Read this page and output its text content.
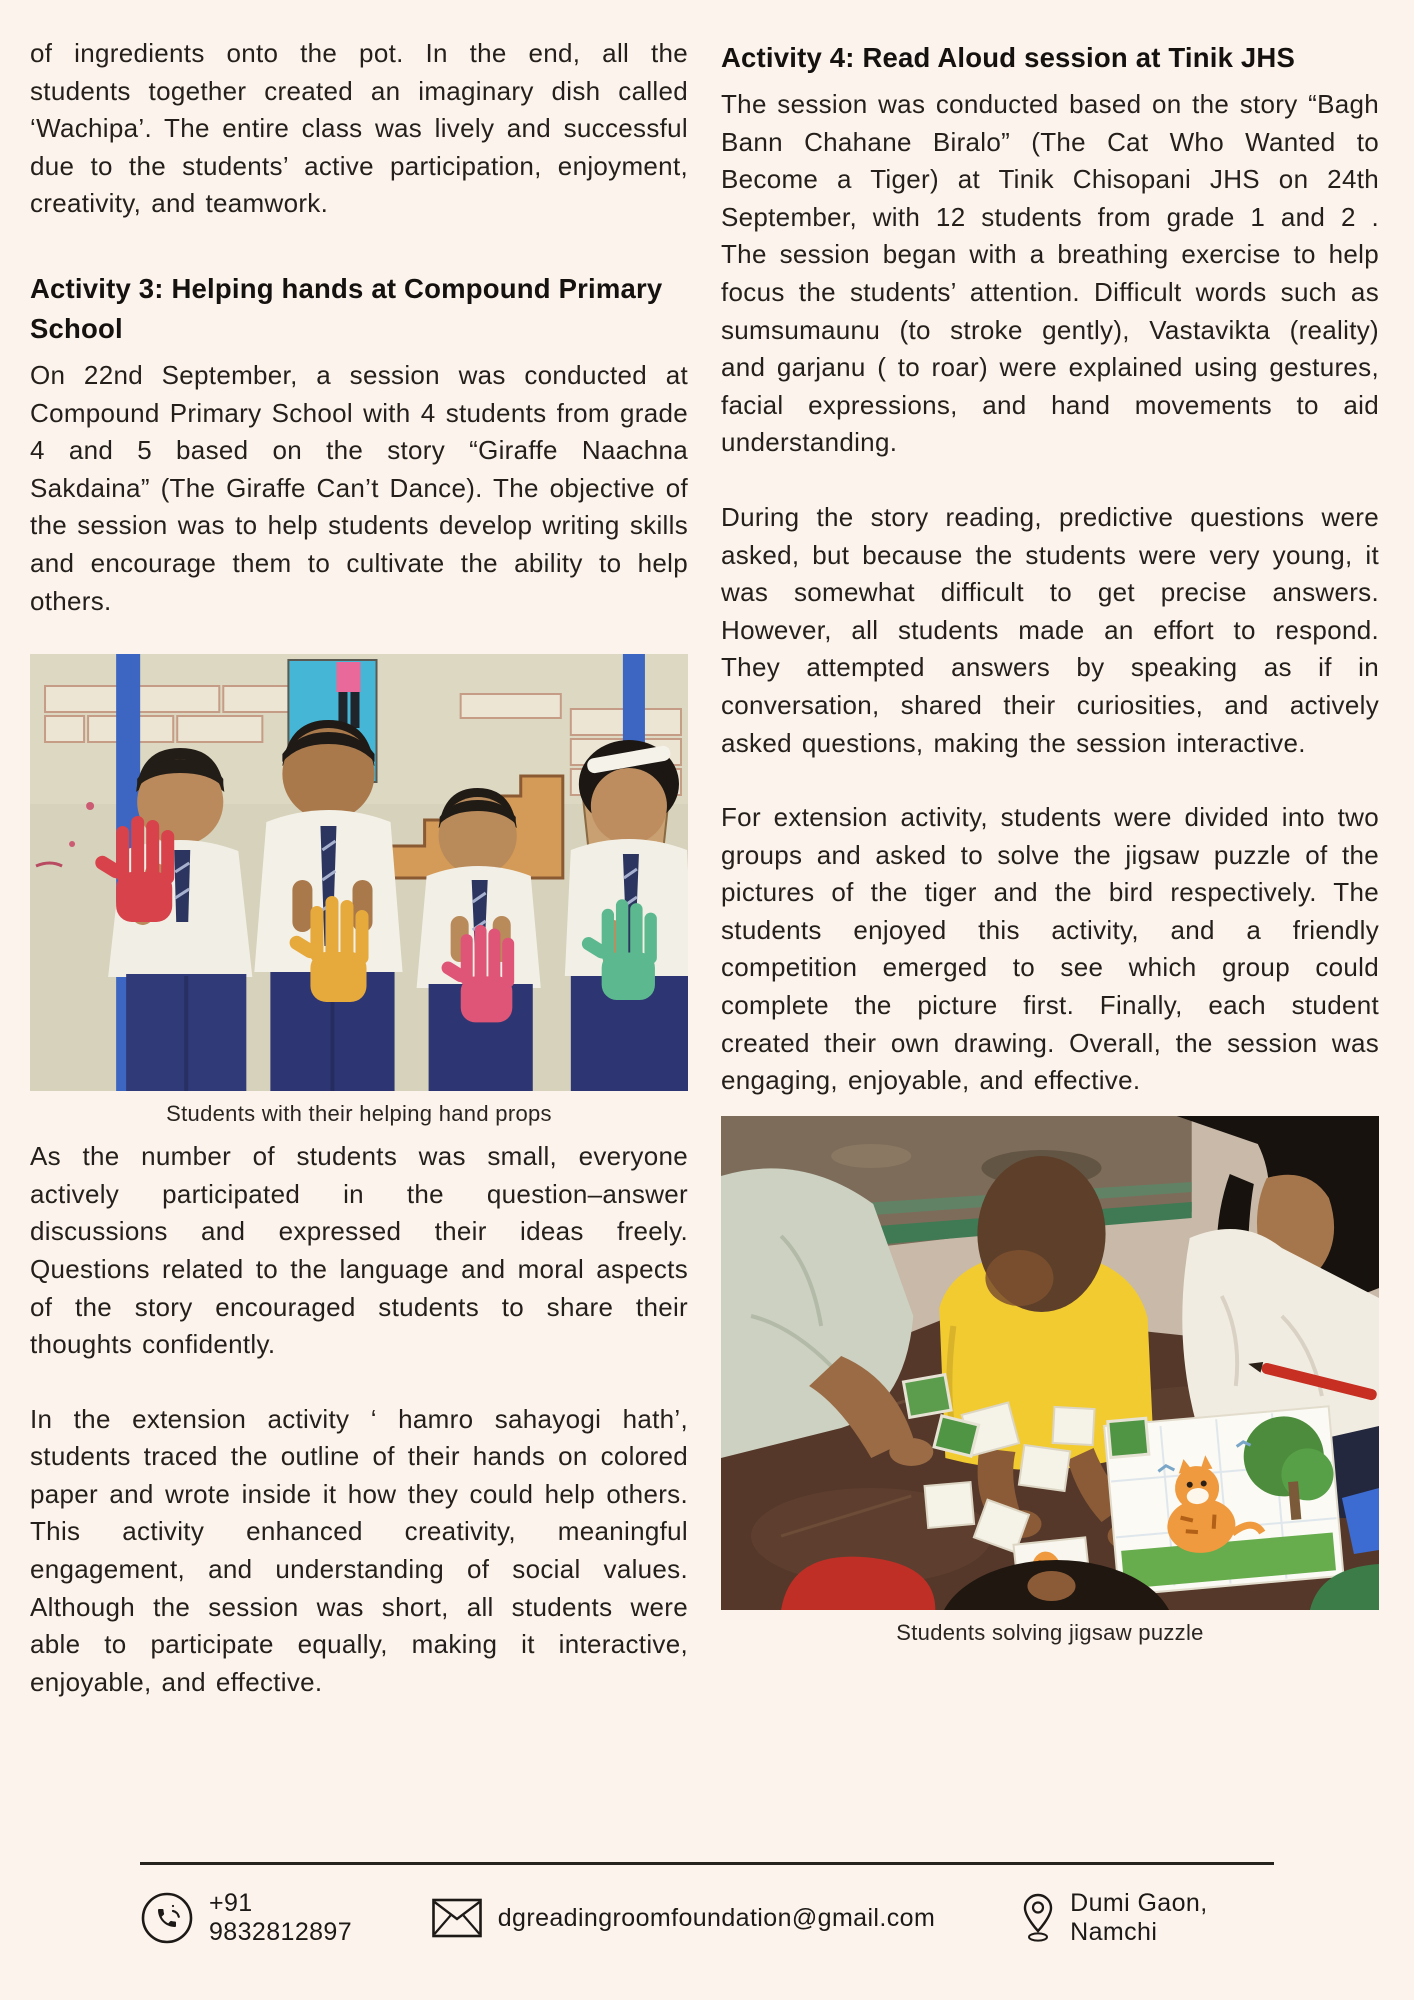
of ingredients onto the pot. In the end, all the students together created an imaginary dish called ‘Wachipa’. The entire class was lively and successful due to the students’ active participation, enjoyment, creativity, and teamwork.

Activity 3: Helping hands at Compound Primary School

On 22nd September, a session was conducted at Compound Primary School with 4 students from grade 4 and 5 based on the story “Giraffe Naachna Sakdaina” (The Giraffe Can’t Dance). The objective of the session was to help students develop writing skills and encourage them to cultivate the ability to help others.

Students with their helping hand props

As the number of students was small, everyone actively participated in the question–answer discussions and expressed their ideas freely. Questions related to the language and moral aspects of the story encouraged students to share their thoughts confidently.

In the extension activity ‘ hamro sahayogi hath’, students traced the outline of their hands on colored paper and wrote inside it how they could help others. This activity enhanced creativity, meaningful engagement, and understanding of social values. Although the session was short, all students were able to participate equally, making it interactive, enjoyable, and effective.

Activity 4: Read Aloud session at Tinik JHS

The session was conducted based on the story “Bagh Bann Chahane Biralo” (The Cat Who Wanted to Become a Tiger) at Tinik Chisopani JHS on 24th September, with 12 students from grade 1 and 2 . The session began with a breathing exercise to help focus the students’ attention. Difficult words such as sumsumaunu (to stroke gently), Vastavikta (reality) and garjanu ( to roar) were explained using gestures, facial expressions, and hand movements to aid understanding.

During the story reading, predictive questions were asked, but because the students were very young, it was somewhat difficult to get precise answers. However, all students made an effort to respond. They attempted answers by speaking as if in conversation, shared their curiosities, and actively asked questions, making the session interactive.

For extension activity, students were divided into two groups and asked to solve the jigsaw puzzle of the pictures of the tiger and the bird respectively. The students enjoyed this activity, and a friendly competition emerged to see which group could complete the picture first. Finally, each student created their own drawing. Overall, the session was engaging, enjoyable, and effective.

Students solving jigsaw puzzle
+91 9832812897
dgreadingroomfoundation@gmail.com
Dumi Gaon, Namchi
